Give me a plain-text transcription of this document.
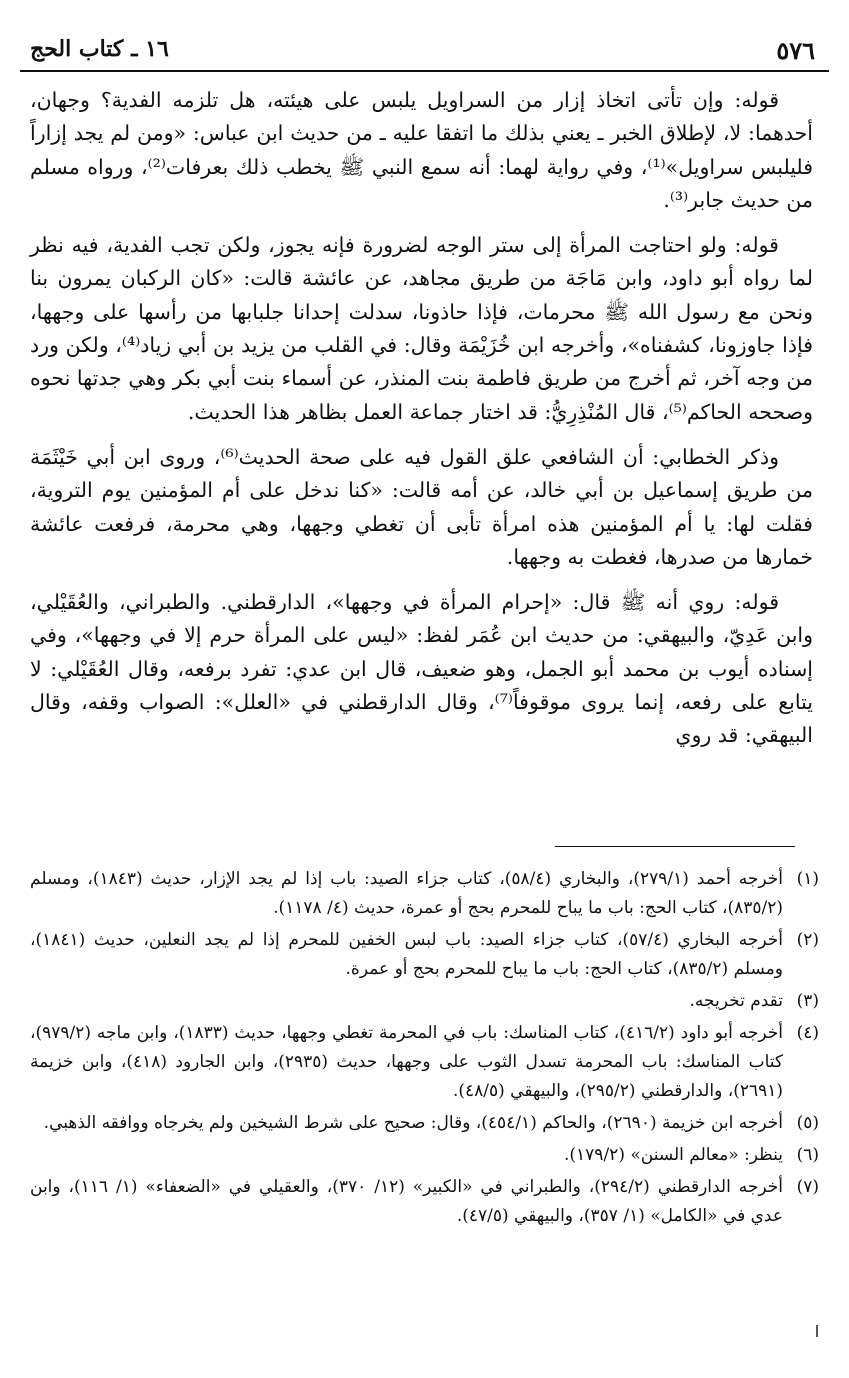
٥٧٦
١٦ ـ كتاب الحج

قوله: وإن تأتى اتخاذ إزار من السراويل يلبس على هيئته، هل تلزمه الفدية؟ وجهان، أحدهما: لا، لإطلاق الخبر ـ يعني بذلك ما اتفقا عليه ـ من حديث ابن عباس: «ومن لم يجد إزاراً فليلبس سراويل»⁽¹⁾، وفي رواية لهما: أنه سمع النبي ﷺ يخطب ذلك بعرفات⁽²⁾، ورواه مسلم من حديث جابر⁽³⁾.

قوله: ولو احتاجت المرأة إلى ستر الوجه لضرورة فإنه يجوز، ولكن تجب الفدية، فيه نظر لما رواه أبو داود، وابن مَاجَة من طريق مجاهد، عن عائشة قالت: «كان الركبان يمرون بنا ونحن مع رسول الله ﷺ محرمات، فإذا حاذونا، سدلت إحدانا جلبابها من رأسها على وجهها، فإذا جاوزونا، كشفناه»، وأخرجه ابن خُزَيْمَة وقال: في القلب من يزيد بن أبي زياد⁽⁴⁾، ولكن ورد من وجه آخر، ثم أخرج من طريق فاطمة بنت المنذر، عن أسماء بنت أبي بكر وهي جدتها نحوه وصححه الحاكم⁽⁵⁾، قال المُنْذِرِيُّ: قد اختار جماعة العمل بظاهر هذا الحديث.

وذكر الخطابي: أن الشافعي علق القول فيه على صحة الحديث⁽⁶⁾، وروى ابن أبي خَيْثَمَة من طريق إسماعيل بن أبي خالد، عن أمه قالت: «كنا ندخل على أم المؤمنين يوم التروية، فقلت لها: يا أم المؤمنين هذه امرأة تأبى أن تغطي وجهها، وهي محرمة، فرفعت عائشة خمارها من صدرها، فغطت به وجهها.

قوله: روي أنه ﷺ قال: «إحرام المرأة في وجهها»، الدارقطني. والطبراني، والعُقَيْلي، وابن عَدِيّ، والبيهقي: من حديث ابن عُمَر لفظ: «ليس على المرأة حرم إلا في وجهها»، وفي إسناده أيوب بن محمد أبو الجمل، وهو ضعيف، قال ابن عدي: تفرد برفعه، وقال العُقَيْلي: لا يتابع على رفعه، إنما يروى موقوفاً⁽⁷⁾، وقال الدارقطني في «العلل»: الصواب وقفه، وقال البيهقي: قد روي

(١)
أخرجه أحمد (٢٧٩/١)، والبخاري (٥٨/٤)، كتاب جزاء الصيد: باب إذا لم يجد الإزار، حديث (١٨٤٣)، ومسلم (٨٣٥/٢)، كتاب الحج: باب ما يباح للمحرم بحج أو عمرة، حديث (٤/ ١١٧٨).
(٢)
أخرجه البخاري (٥٧/٤)، كتاب جزاء الصيد: باب لبس الخفين للمحرم إذا لم يجد النعلين، حديث (١٨٤١)، ومسلم (٨٣٥/٢)، كتاب الحج: باب ما يباح للمحرم بحج أو عمرة.
(٣)
تقدم تخريجه.
(٤)
أخرجه أبو داود (٤١٦/٢)، كتاب المناسك: باب في المحرمة تغطي وجهها، حديث (١٨٣٣)، وابن ماجه (٩٧٩/٢)، كتاب المناسك: باب المحرمة تسدل الثوب على وجهها، حديث (٢٩٣٥)، وابن الجارود (٤١٨)، وابن خزيمة (٢٦٩١)، والدارقطني (٢٩٥/٢)، والبيهقي (٤٨/٥).
(٥)
أخرجه ابن خزيمة (٢٦٩٠)، والحاكم (٤٥٤/١)، وقال: صحيح على شرط الشيخين ولم يخرجاه ووافقه الذهبي.
(٦)
ينظر: «معالم السنن» (١٧٩/٢).
(٧)
أخرجه الدارقطني (٢٩٤/٢)، والطبراني في «الكبير» (١٢/ ٣٧٠)، والعقيلي في «الضعفاء» (١/ ١١٦)، وابن عدي في «الكامل» (١/ ٣٥٧)، والبيهقي (٤٧/٥).
